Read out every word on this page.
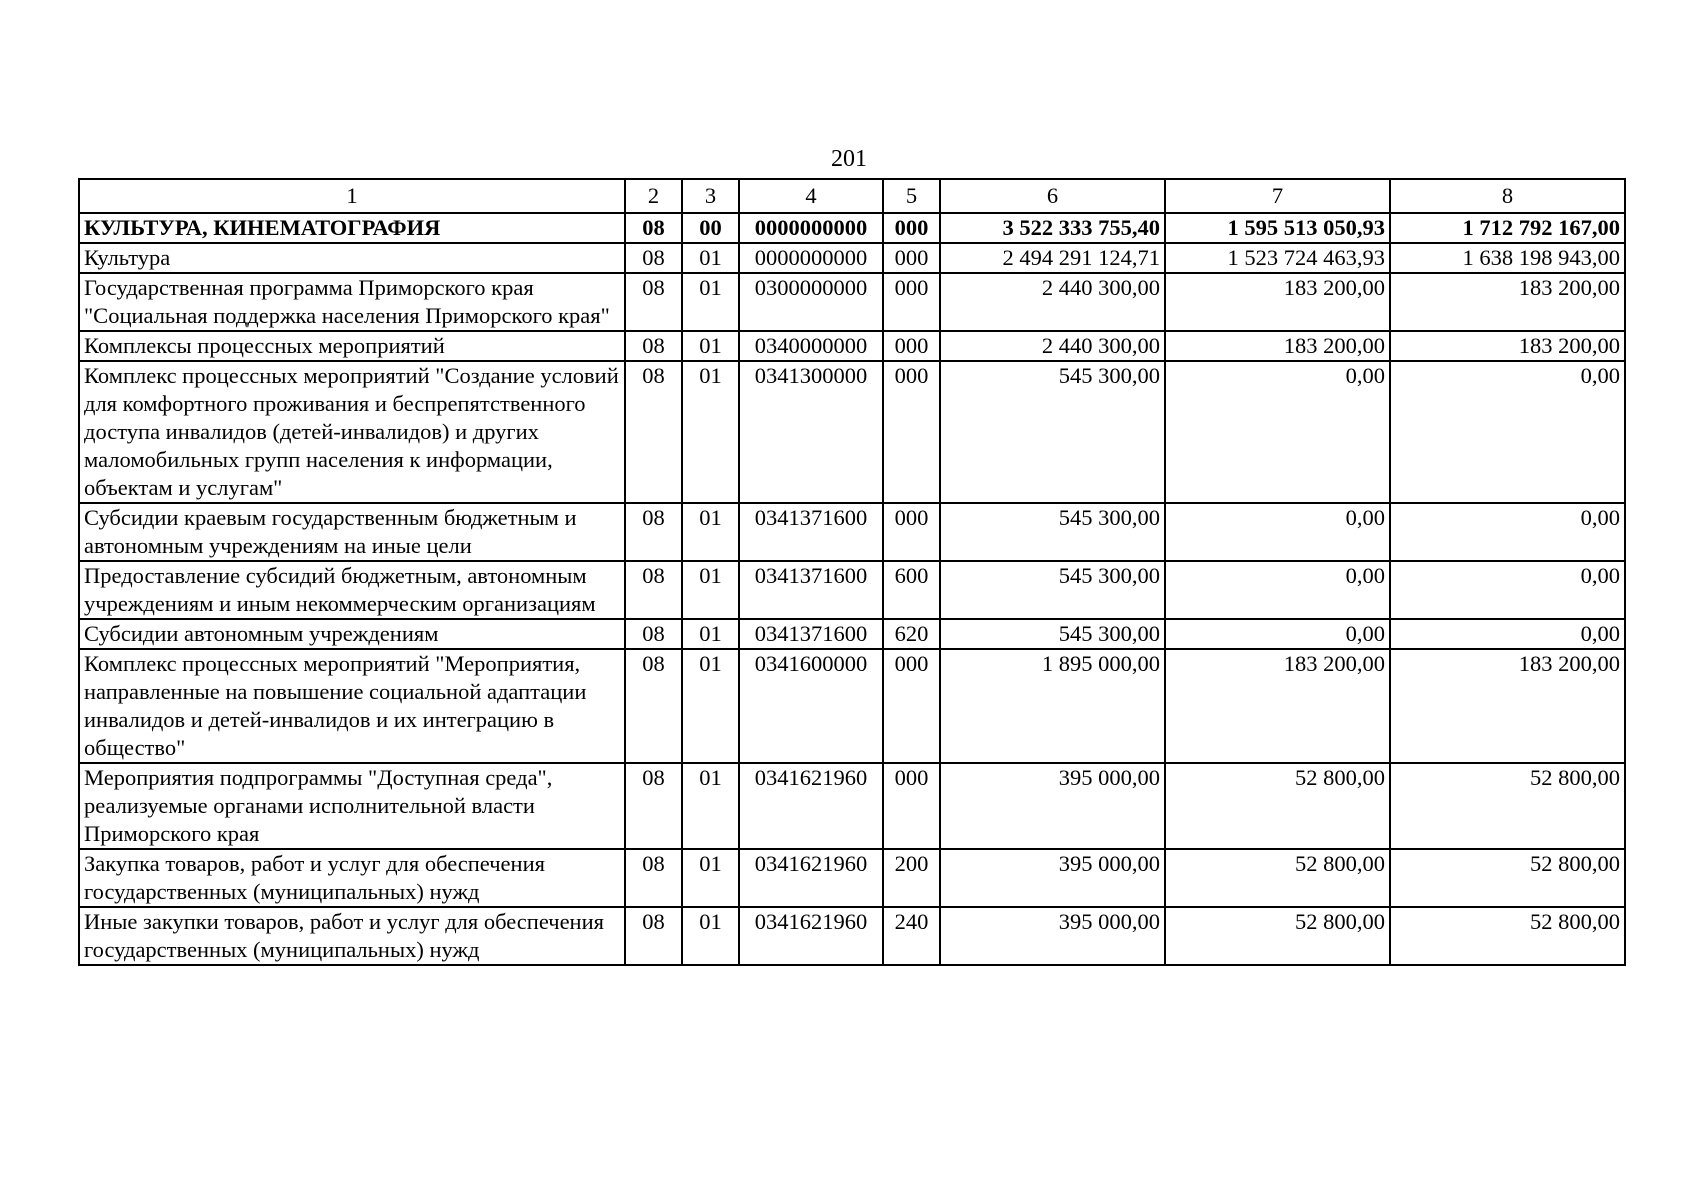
201
1	2	3	4	5	6	7	8
КУЛЬТУРА, КИНЕМАТОГРАФИЯ	08	00	0000000000	000	3 522 333 755,40	1 595 513 050,93	1 712 792 167,00
Культура	08	01	0000000000	000	2 494 291 124,71	1 523 724 463,93	1 638 198 943,00
Государственная программа Приморского края "Социальная поддержка населения Приморского края"	08	01	0300000000	000	2 440 300,00	183 200,00	183 200,00
Комплексы процессных мероприятий	08	01	0340000000	000	2 440 300,00	183 200,00	183 200,00
Комплекс процессных мероприятий "Создание условий для комфортного проживания и беспрепятственного доступа инвалидов (детей-инвалидов) и других маломобильных групп населения к информации, объектам и услугам"	08	01	0341300000	000	545 300,00	0,00	0,00
Субсидии краевым государственным бюджетным и автономным учреждениям на иные цели	08	01	0341371600	000	545 300,00	0,00	0,00
Предоставление субсидий бюджетным, автономным учреждениям и иным некоммерческим организациям	08	01	0341371600	600	545 300,00	0,00	0,00
Субсидии автономным учреждениям	08	01	0341371600	620	545 300,00	0,00	0,00
Комплекс процессных мероприятий "Мероприятия, направленные на повышение социальной адаптации инвалидов и детей-инвалидов и их интеграцию в общество"	08	01	0341600000	000	1 895 000,00	183 200,00	183 200,00
Мероприятия подпрограммы "Доступная среда", реализуемые органами исполнительной власти Приморского края	08	01	0341621960	000	395 000,00	52 800,00	52 800,00
Закупка товаров, работ и услуг для обеспечения государственных (муниципальных) нужд	08	01	0341621960	200	395 000,00	52 800,00	52 800,00
Иные закупки товаров, работ и услуг для обеспечения государственных (муниципальных) нужд	08	01	0341621960	240	395 000,00	52 800,00	52 800,00
